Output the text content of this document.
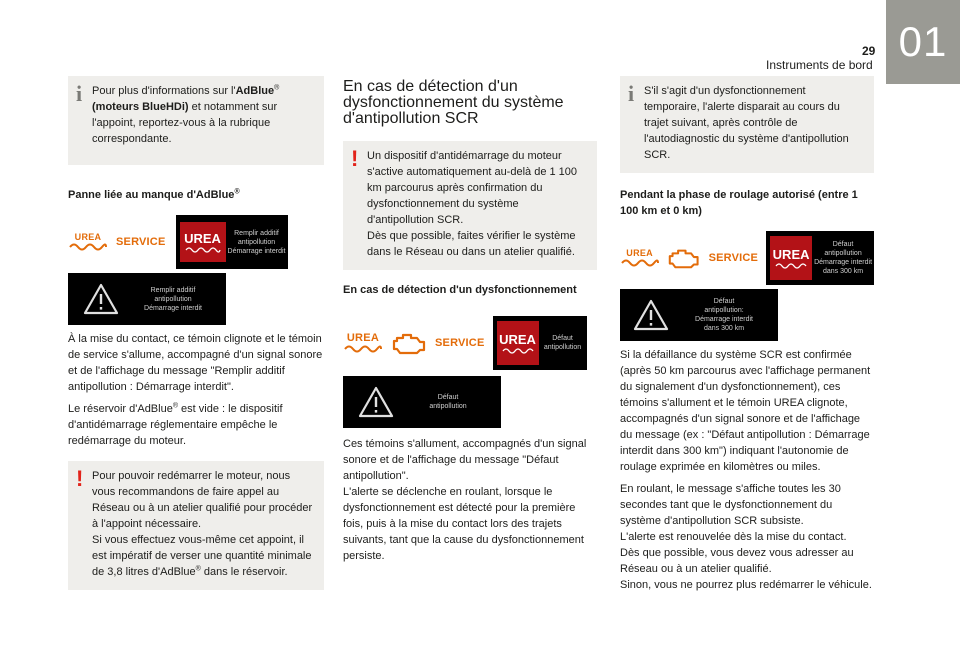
29
Instruments de bord 01
i Pour plus d'informations sur l'AdBlue® (moteurs BlueHDi) et notamment sur l'appoint, reportez-vous à la rubrique correspondante.

Panne liée au manque d'AdBlue®

UREA SERVICE UREA	Remplir additif
antipollution
Démarrage interdit
Remplir additif
antipollution
Démarrage interdit

À la mise du contact, ce témoin clignote et le témoin de service s'allume, accompagné d'un signal sonore et de l'affichage du message "Remplir additif antipollution : Démarrage interdit".

Le réservoir d'AdBlue® est vide : le dispositif d'antidémarrage réglementaire empêche le redémarrage du moteur.

! Pour pouvoir redémarrer le moteur, nous vous recommandons de faire appel au Réseau ou à un atelier qualifié pour procéder à l'appoint nécessaire.
Si vous effectuez vous-même cet appoint, il est impératif de verser une quantité minimale de 3,8 litres d'AdBlue® dans le réservoir.

En cas de détection d'un dysfonctionnement du système d'antipollution SCR
! Un dispositif d'antidémarrage du moteur s'active automatiquement au-delà de 1 100 km parcourus après confirmation du dysfonctionnement du système d'antipollution SCR.
Dès que possible, faites vérifier le système dans le Réseau ou dans un atelier qualifié.

En cas de détection d'un dysfonctionnement

UREA	SERVICE UREA	Défaut
antipollution
Défaut
antipollution

Ces témoins s'allument, accompagnés d'un signal sonore et de l'affichage du message "Défaut antipollution".
L'alerte se déclenche en roulant, lorsque le dysfonctionnement est détecté pour la première fois, puis à la mise du contact lors des trajets suivants, tant que la cause du dysfonctionnement persiste.

i S'il s'agit d'un dysfonctionnement temporaire, l'alerte disparait au cours du trajet suivant, après contrôle de l'autodiagnostic du système d'antipollution SCR.

Pendant la phase de roulage autorisé (entre 1 100 km et 0 km)

UREA	SERVICE UREA
Défaut
antipollution
Démarrage interdit
dans 300 km
Défaut
antipollution:
Démarrage interdit
dans 300 km

Si la défaillance du système SCR est confirmée (après 50 km parcourus avec l'affichage permanent du signalement d'un dysfonctionnement), ces témoins s'allument et le témoin UREA clignote, accompagnés d'un signal sonore et de l'affichage du message (ex : "Défaut antipollution : Démarrage interdit dans 300 km") indiquant l'autonomie de roulage exprimée en kilomètres ou miles.

En roulant, le message s'affiche toutes les 30 secondes tant que le dysfonctionnement du système d'antipollution SCR subsiste.
L'alerte est renouvelée dès la mise du contact.
Dès que possible, vous devez vous adresser au Réseau ou à un atelier qualifié.
Sinon, vous ne pourrez plus redémarrer le véhicule.
